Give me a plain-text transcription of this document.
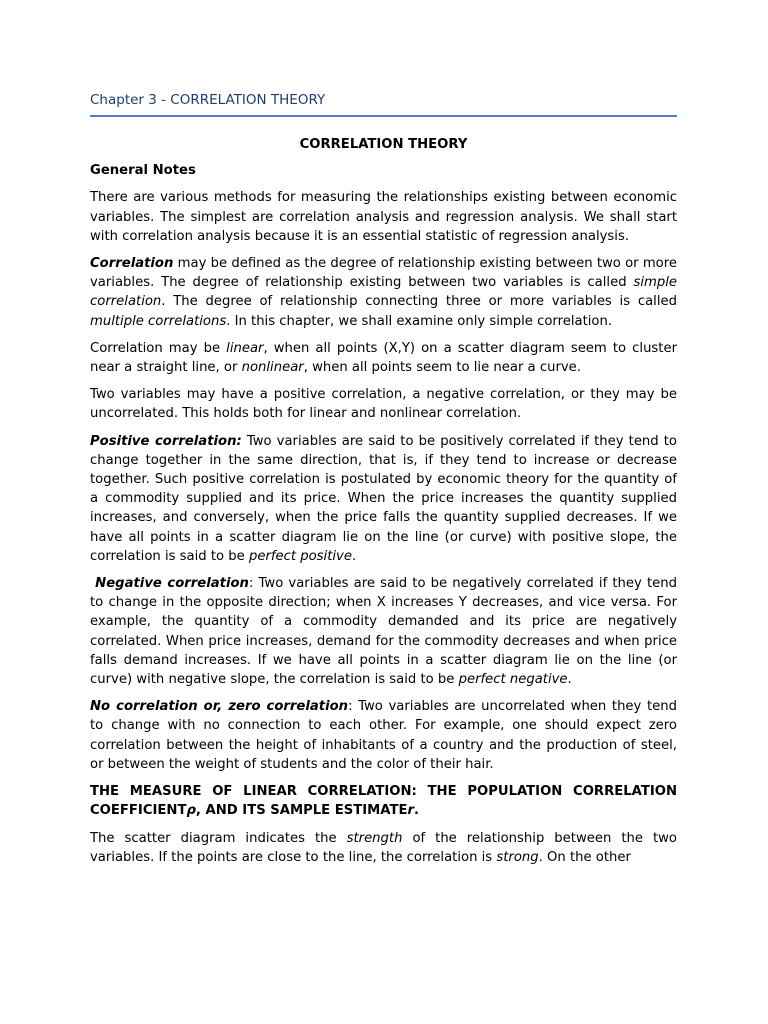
Chapter 3 - CORRELATION THEORY
CORRELATION THEORY
General Notes

There are various methods for measuring the relationships existing between economic variables. The simplest are correlation analysis and regression analysis. We shall start with correlation analysis because it is an essential statistic of regression analysis.

Correlation may be defined as the degree of relationship existing between two or more variables. The degree of relationship existing between two variables is called simple correlation. The degree of relationship connecting three or more variables is called multiple correlations. In this chapter, we shall examine only simple correlation.

Correlation may be linear, when all points (X,Y) on a scatter diagram seem to cluster near a straight line, or nonlinear, when all points seem to lie near a curve.

Two variables may have a positive correlation, a negative correlation, or they may be uncorrelated. This holds both for linear and nonlinear correlation.

Positive correlation: Two variables are said to be positively correlated if they tend to change together in the same direction, that is, if they tend to increase or decrease together. Such positive correlation is postulated by economic theory for the quantity of a commodity supplied and its price. When the price increases the quantity supplied increases, and conversely, when the price falls the quantity supplied decreases. If we have all points in a scatter diagram lie on the line (or curve) with positive slope, the correlation is said to be perfect positive.

Negative correlation: Two variables are said to be negatively correlated if they tend to change in the opposite direction; when X increases Y decreases, and vice versa. For example, the quantity of a commodity demanded and its price are negatively correlated. When price increases, demand for the commodity decreases and when price falls demand increases. If we have all points in a scatter diagram lie on the line (or curve) with negative slope, the correlation is said to be perfect negative.

No correlation or, zero correlation: Two variables are uncorrelated when they tend to change with no connection to each other. For example, one should expect zero correlation between the height of inhabitants of a country and the production of steel, or between the weight of students and the color of their hair.

THE MEASURE OF LINEAR CORRELATION: THE POPULATION CORRELATION COEFFICIENTρ, AND ITS SAMPLE ESTIMATEr.

The scatter diagram indicates the strength of the relationship between the two variables. If the points are close to the line, the correlation is strong. On the other
